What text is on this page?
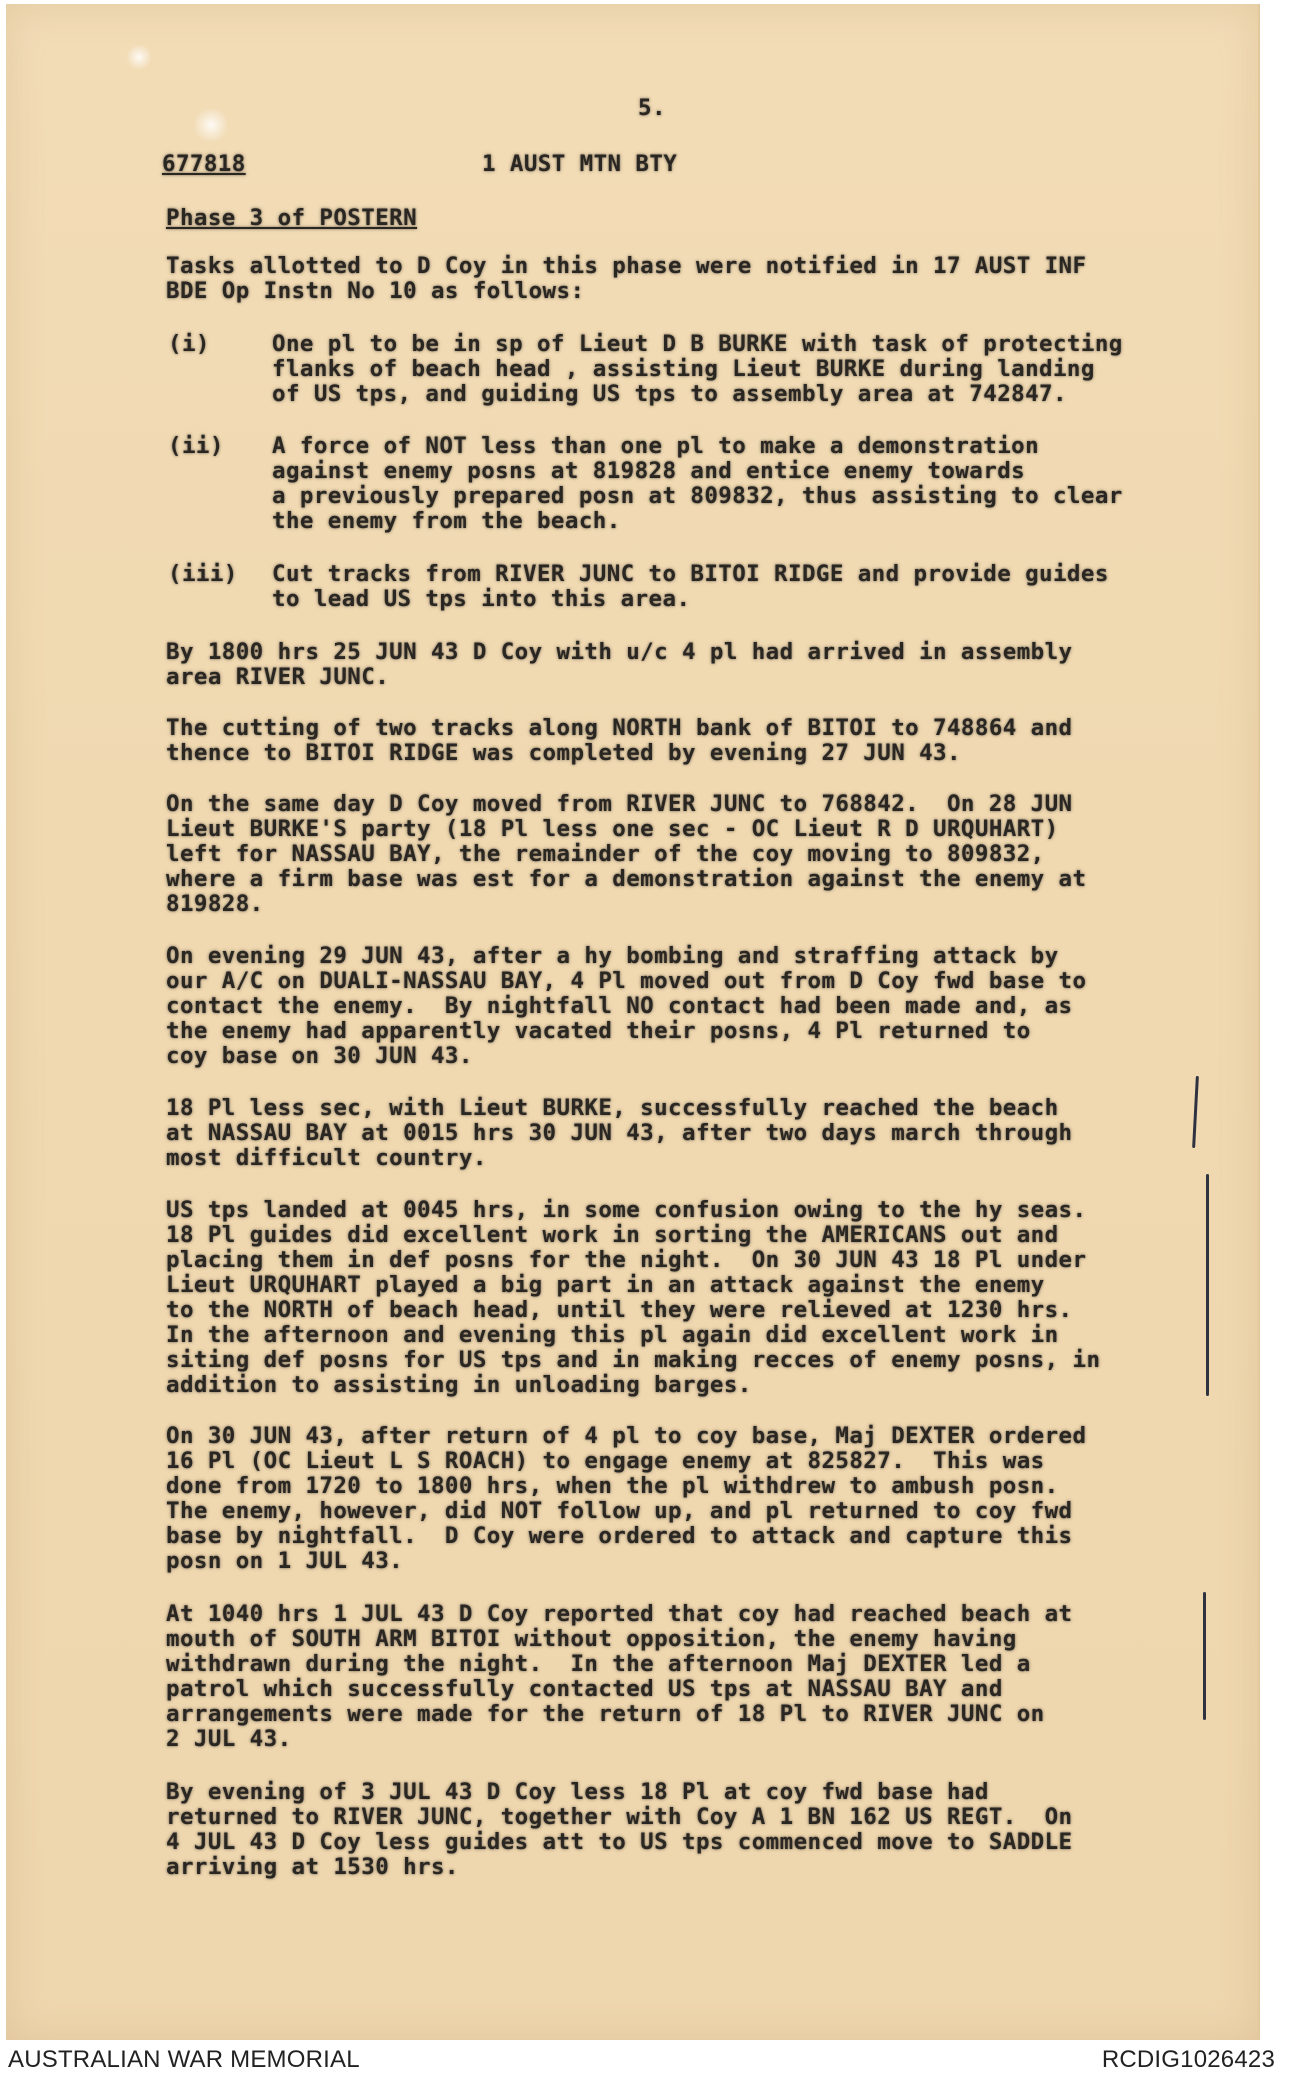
5.

677818	1 AUST MTN BTY

Phase 3 of POSTERN

Tasks allotted to D Coy in this phase were notified in 17 AUST INF

BDE Op Instn No 10 as follows:

(i)	One pl to be in sp of Lieut D B BURKE with task of protecting

flanks of beach head , assisting Lieut BURKE during landing

of US tps, and guiding US tps to assembly area at 742847.

(ii) A force of NOT less than one pl to make a demonstration

against enemy posns at 819828 and entice enemy towards

a previously prepared posn at 809832, thus assisting to clear

the enemy from the beach.

(iii) Cut tracks from RIVER JUNC to BITOI RIDGE and provide guides

to lead US tps into this area.

By 1800 hrs 25 JUN 43 D Coy with u/c 4 pl had arrived in assembly

area RIVER JUNC.

The cutting of two tracks along NORTH bank of BITOI to 748864 and

thence to BITOI RIDGE was completed by evening 27 JUN 43.

On the same day D Coy moved from RIVER JUNC to 768842.  On 28 JUN

Lieut BURKE'S party (18 Pl less one sec - OC Lieut R D URQUHART)

left for NASSAU BAY, the remainder of the coy moving to 809832,

where a firm base was est for a demonstration against the enemy at

819828.

On evening 29 JUN 43, after a hy bombing and straffing attack by

our A/C on DUALI-NASSAU BAY, 4 Pl moved out from D Coy fwd base to

contact the enemy.  By nightfall NO contact had been made and, as

the enemy had apparently vacated their posns, 4 Pl returned to

coy base on 30 JUN 43.

18 Pl less sec, with Lieut BURKE, successfully reached the beach

at NASSAU BAY at 0015 hrs 30 JUN 43, after two days march through

most difficult country.

US tps landed at 0045 hrs, in some confusion owing to the hy seas.

18 Pl guides did excellent work in sorting the AMERICANS out and

placing them in def posns for the night.  On 30 JUN 43 18 Pl under

Lieut URQUHART played a big part in an attack against the enemy

to the NORTH of beach head, until they were relieved at 1230 hrs.

In the afternoon and evening this pl again did excellent work in

siting def posns for US tps and in making recces of enemy posns, in

addition to assisting in unloading barges.

On 30 JUN 43, after return of 4 pl to coy base, Maj DEXTER ordered

16 Pl (OC Lieut L S ROACH) to engage enemy at 825827.  This was

done from 1720 to 1800 hrs, when the pl withdrew to ambush posn.

The enemy, however, did NOT follow up, and pl returned to coy fwd

base by nightfall.  D Coy were ordered to attack and capture this

posn on 1 JUL 43.

At 1040 hrs 1 JUL 43 D Coy reported that coy had reached beach at

mouth of SOUTH ARM BITOI without opposition, the enemy having

withdrawn during the night.  In the afternoon Maj DEXTER led a

patrol which successfully contacted US tps at NASSAU BAY and

arrangements were made for the return of 18 Pl to RIVER JUNC on

2 JUL 43.

By evening of 3 JUL 43 D Coy less 18 Pl at coy fwd base had

returned to RIVER JUNC, together with Coy A 1 BN 162 US REGT.  On

4 JUL 43 D Coy less guides att to US tps commenced move to SADDLE

arriving at 1530 hrs.

AUSTRALIAN WAR MEMORIAL	RCDIG1026423
